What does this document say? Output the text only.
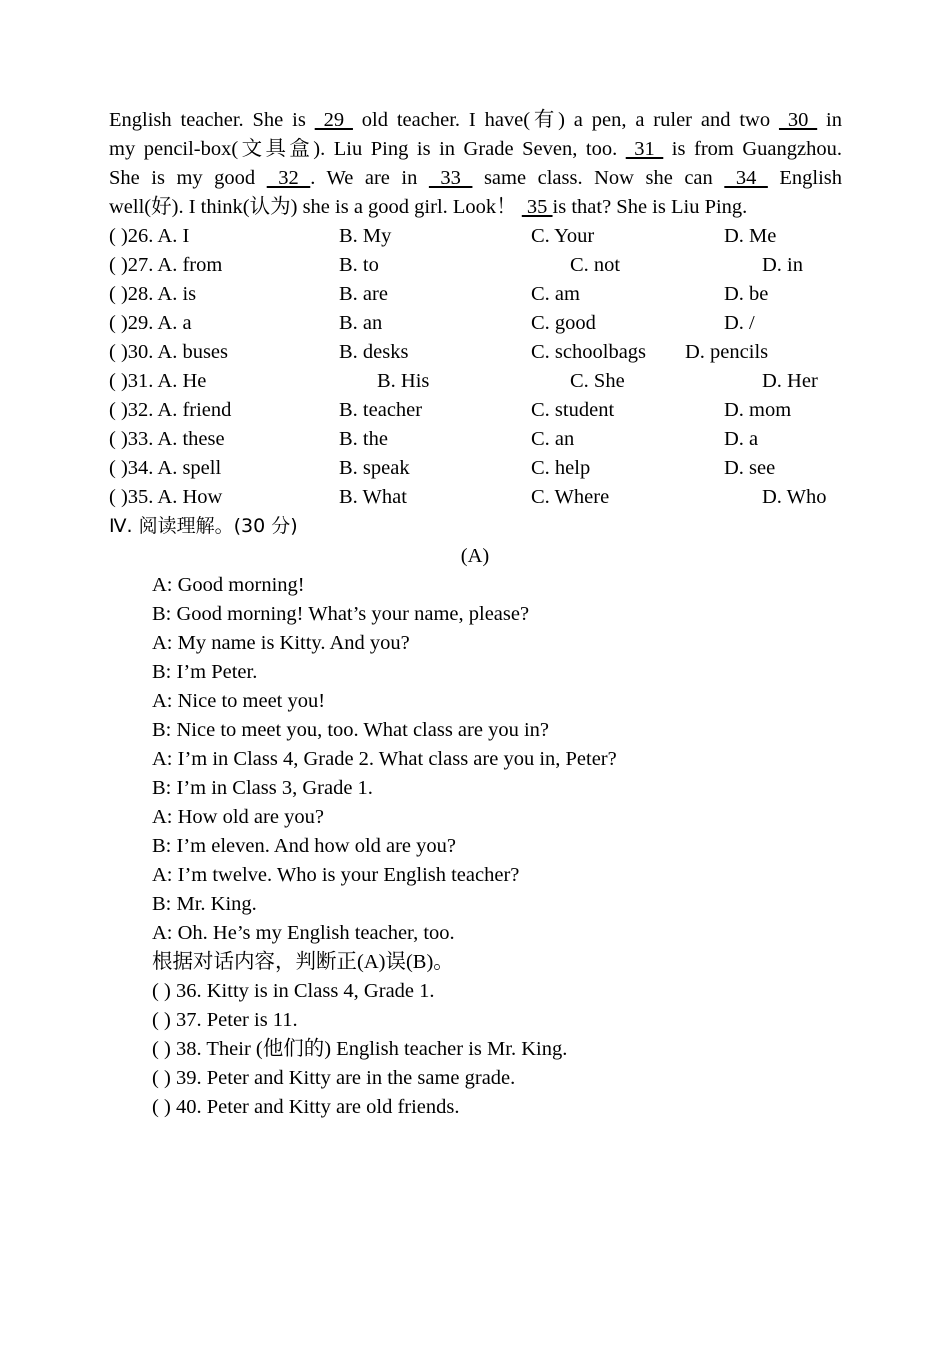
English teacher. She is  29  old teacher. I have(有) a pen, a ruler and two  30  in
my pencil-box(文具盒). Liu Ping is in Grade Seven, too.  31  is from Guangzhou.
She is my good  32 . We are in  33  same class. Now she can  34  English
well(好). I think(认为) she is a good girl. Look！  35 is that? She is Liu Ping.
( )26. A. I	B. My	C. Your	D. Me
( )27. A. from	B. to	C. not	D. in
( )28. A. is	B. are	C. am	D. be
( )29. A. a	B. an	C. good	D. /
( )30. A. buses	B. desks	C. schoolbags D. pencils
( )31. A. He	B. His	C. She	D. Her
( )32. A. friend	B. teacher	C. student	D. mom
( )33. A. these	B. the	C. an	D. a
( )34. A. spell	B. speak	C. help	D. see
( )35. A. How	B. What	C. Where	D. Who
Ⅳ. 阅读理解。(30 分)
(A)
A: Good morning!
B: Good morning! What’s your name, please?
A: My name is Kitty. And you?
B: I’m Peter.
A: Nice to meet you!
B: Nice to meet you, too. What class are you in?
A: I’m in Class 4, Grade 2. What class are you in, Peter?
B: I’m in Class 3, Grade 1.
A: How old are you?
B: I’m eleven. And how old are you?
A: I’m twelve. Who is your English teacher?
B: Mr. King.
A: Oh. He’s my English teacher, too.
根据对话内容，判断正(A)误(B)。
( ) 36. Kitty is in Class 4, Grade 1.
( ) 37. Peter is 11.
( ) 38. Their (他们的) English teacher is Mr. King.
( ) 39. Peter and Kitty are in the same grade.
( ) 40. Peter and Kitty are old friends.
